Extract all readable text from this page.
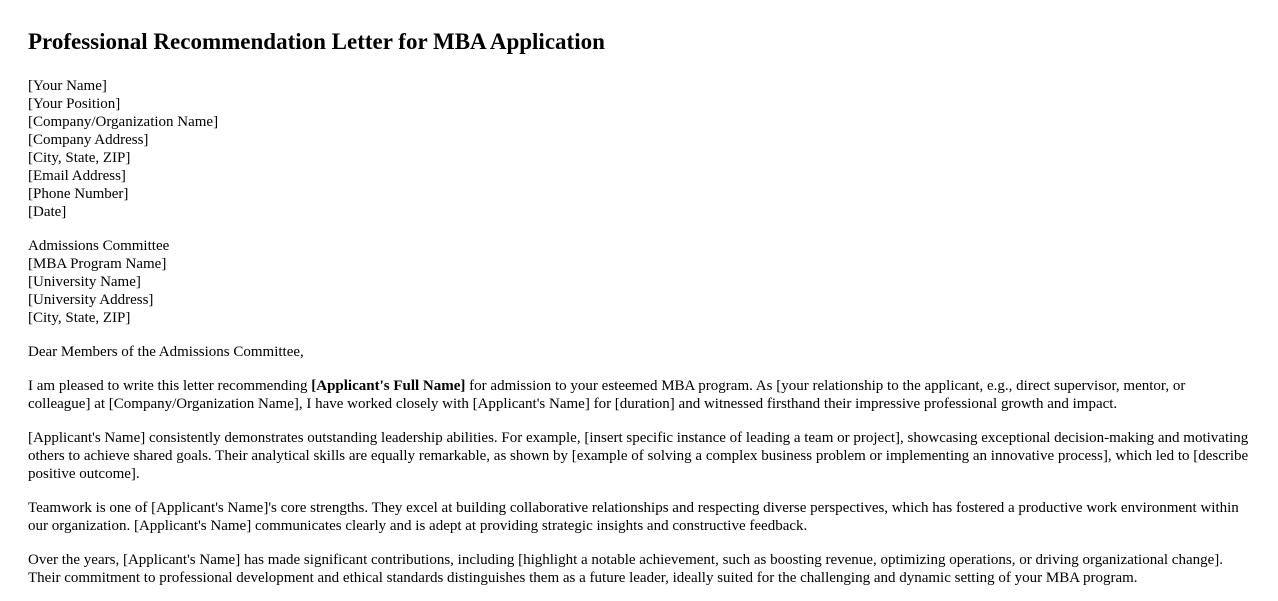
Professional Recommendation Letter for MBA Application
[Your Name]
[Your Position]
[Company/Organization Name]
[Company Address]
[City, State, ZIP]
[Email Address]
[Phone Number]
[Date]
Admissions Committee
[MBA Program Name]
[University Name]
[University Address]
[City, State, ZIP]

Dear Members of the Admissions Committee,

I am pleased to write this letter recommending [Applicant's Full Name] for admission to your esteemed MBA program. As [your relationship to the applicant, e.g., direct supervisor, mentor, or colleague] at [Company/Organization Name], I have worked closely with [Applicant's Name] for [duration] and witnessed firsthand their impressive professional growth and impact.

[Applicant's Name] consistently demonstrates outstanding leadership abilities. For example, [insert specific instance of leading a team or project], showcasing exceptional decision-making and motivating others to achieve shared goals. Their analytical skills are equally remarkable, as shown by [example of solving a complex business problem or implementing an innovative process], which led to [describe positive outcome].

Teamwork is one of [Applicant's Name]'s core strengths. They excel at building collaborative relationships and respecting diverse perspectives, which has fostered a productive work environment within our organization. [Applicant's Name] communicates clearly and is adept at providing strategic insights and constructive feedback.

Over the years, [Applicant's Name] has made significant contributions, including [highlight a notable achievement, such as boosting revenue, optimizing operations, or driving organizational change]. Their commitment to professional development and ethical standards distinguishes them as a future leader, ideally suited for the challenging and dynamic setting of your MBA program.
